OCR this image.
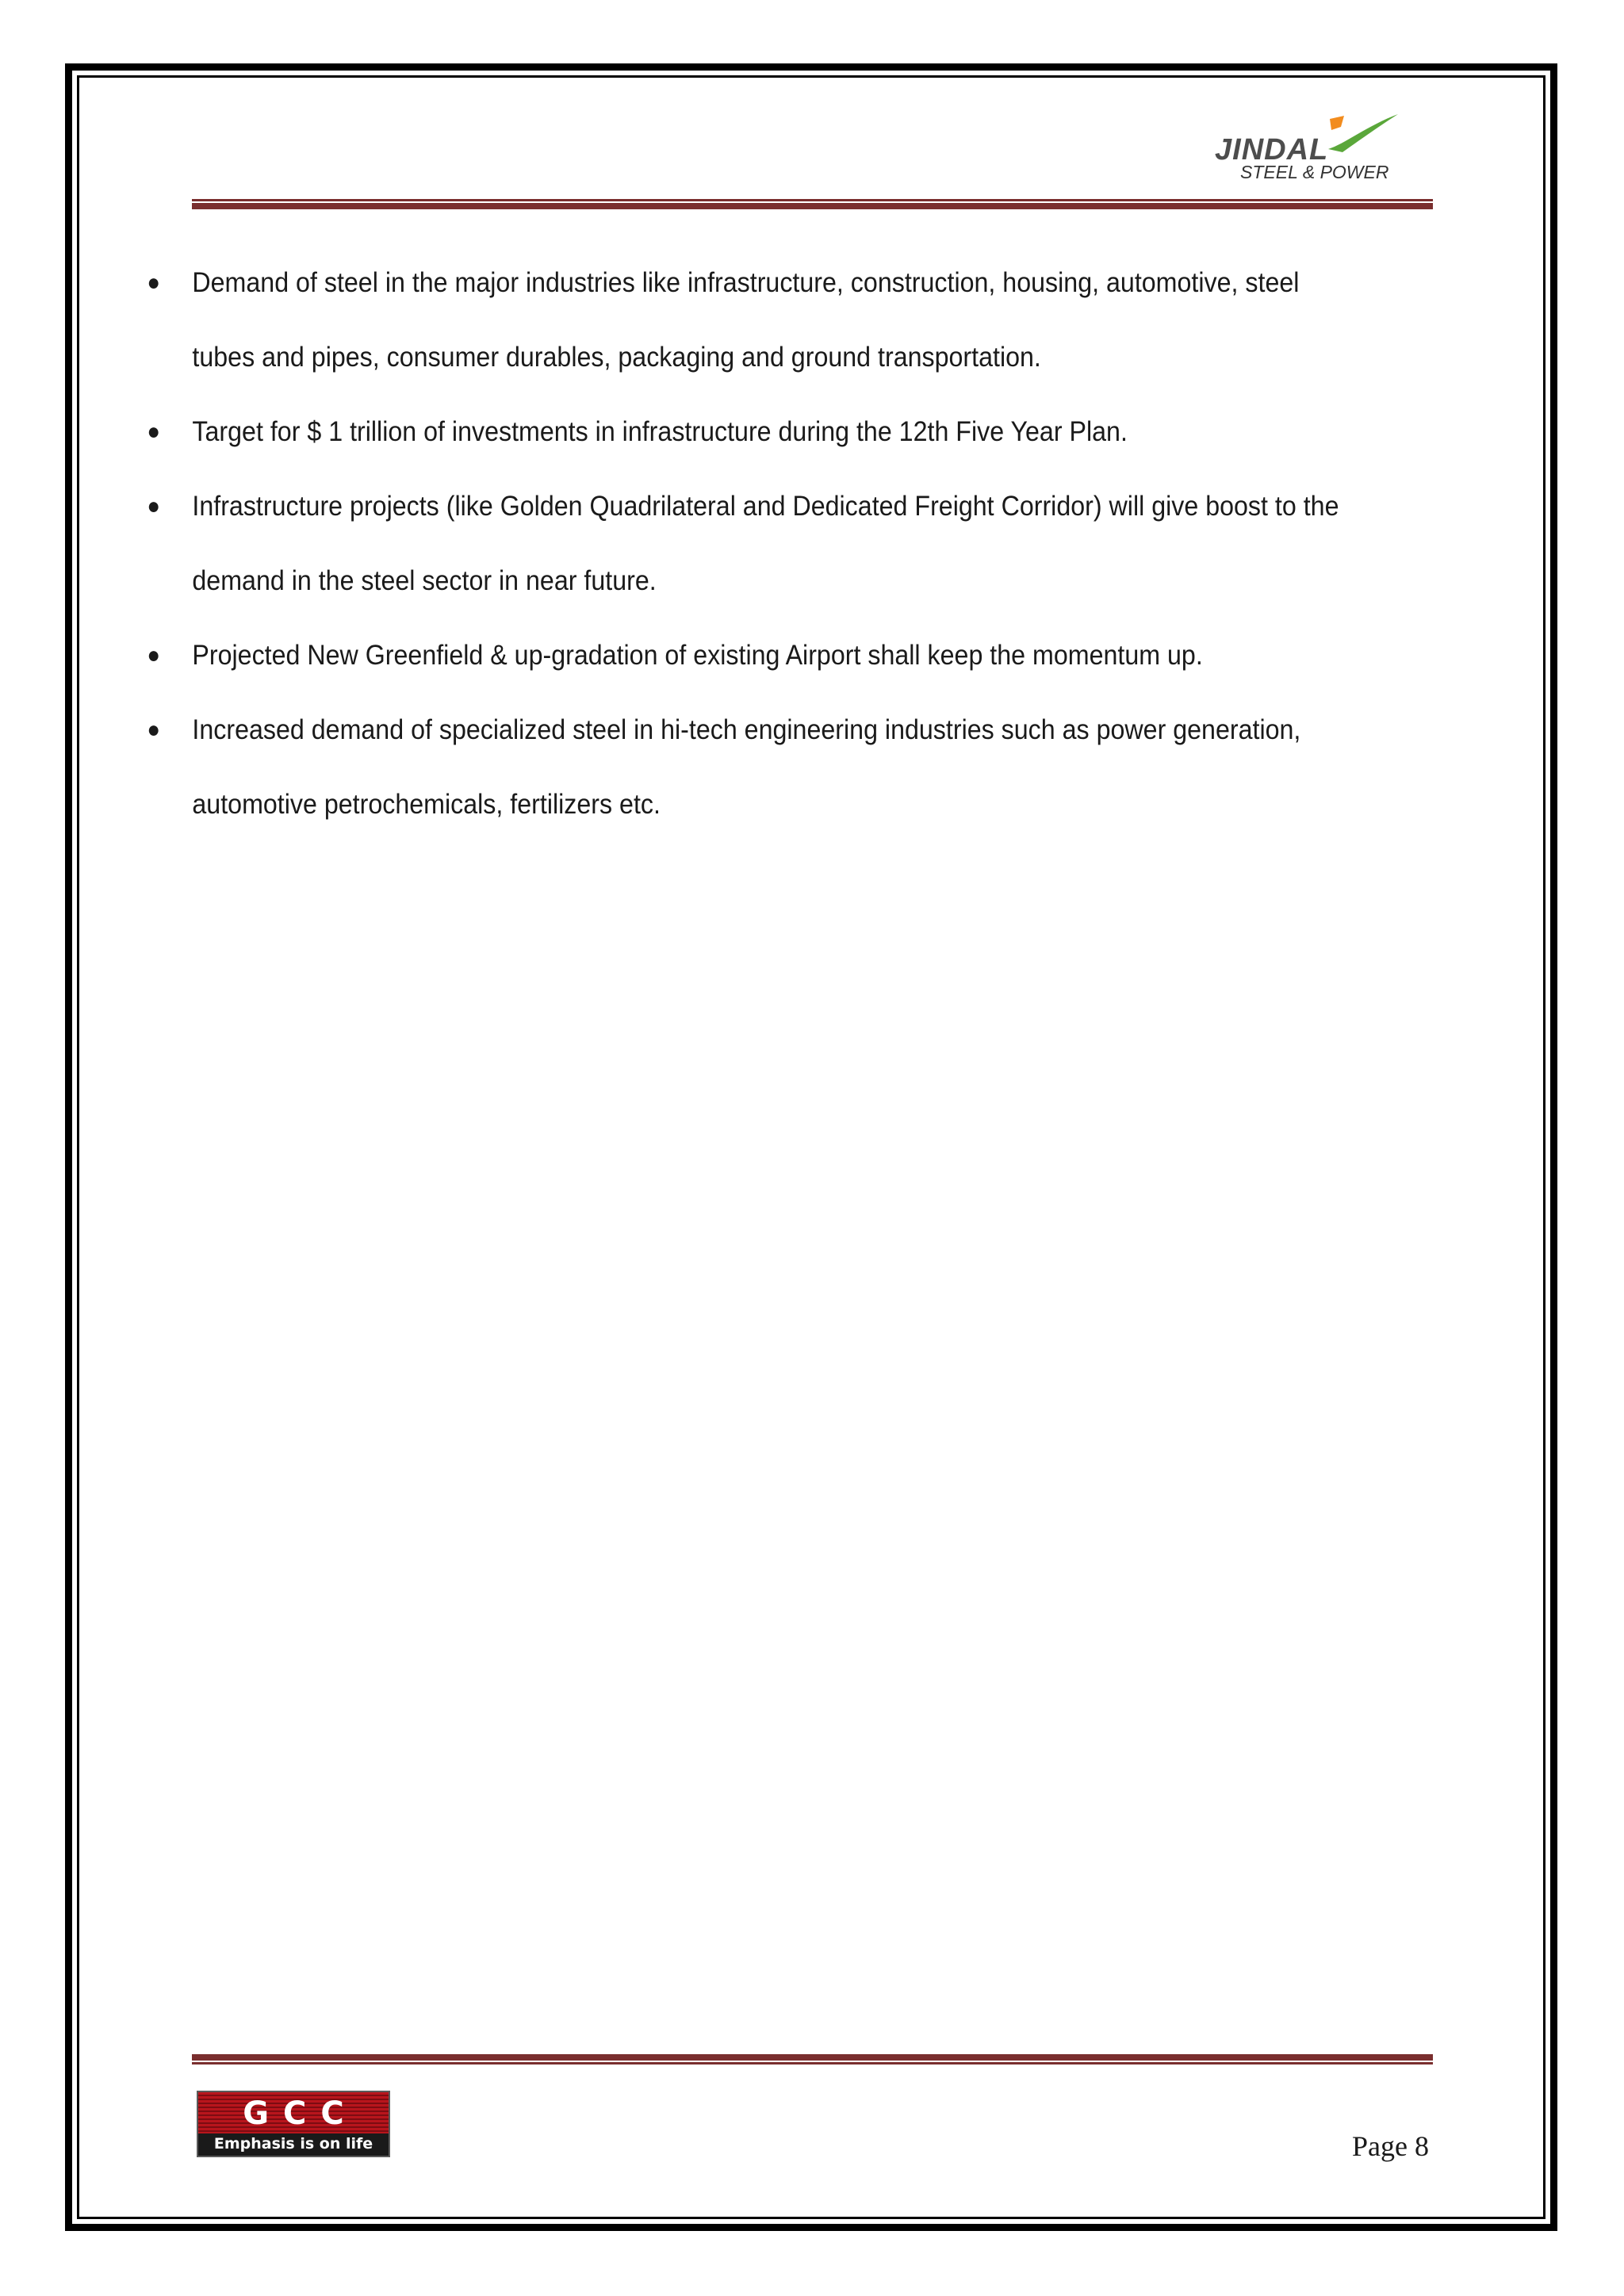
JINDAL
STEEL & POWER
● Demand of steel in the major industries like infrastructure, construction, housing, automotive, steel
tubes and pipes, consumer durables, packaging and ground transportation.
● Target for $ 1 trillion of investments in infrastructure during the 12th Five Year Plan.
● Infrastructure projects (like Golden Quadrilateral and Dedicated Freight Corridor) will give boost to the
demand in the steel sector in near future.
● Projected New Greenfield & up-gradation of existing Airport shall keep the momentum up.
● Increased demand of specialized steel in hi-tech engineering industries such as power generation,
automotive petrochemicals, fertilizers etc.
GCC
Emphasis is on life	Page 8
